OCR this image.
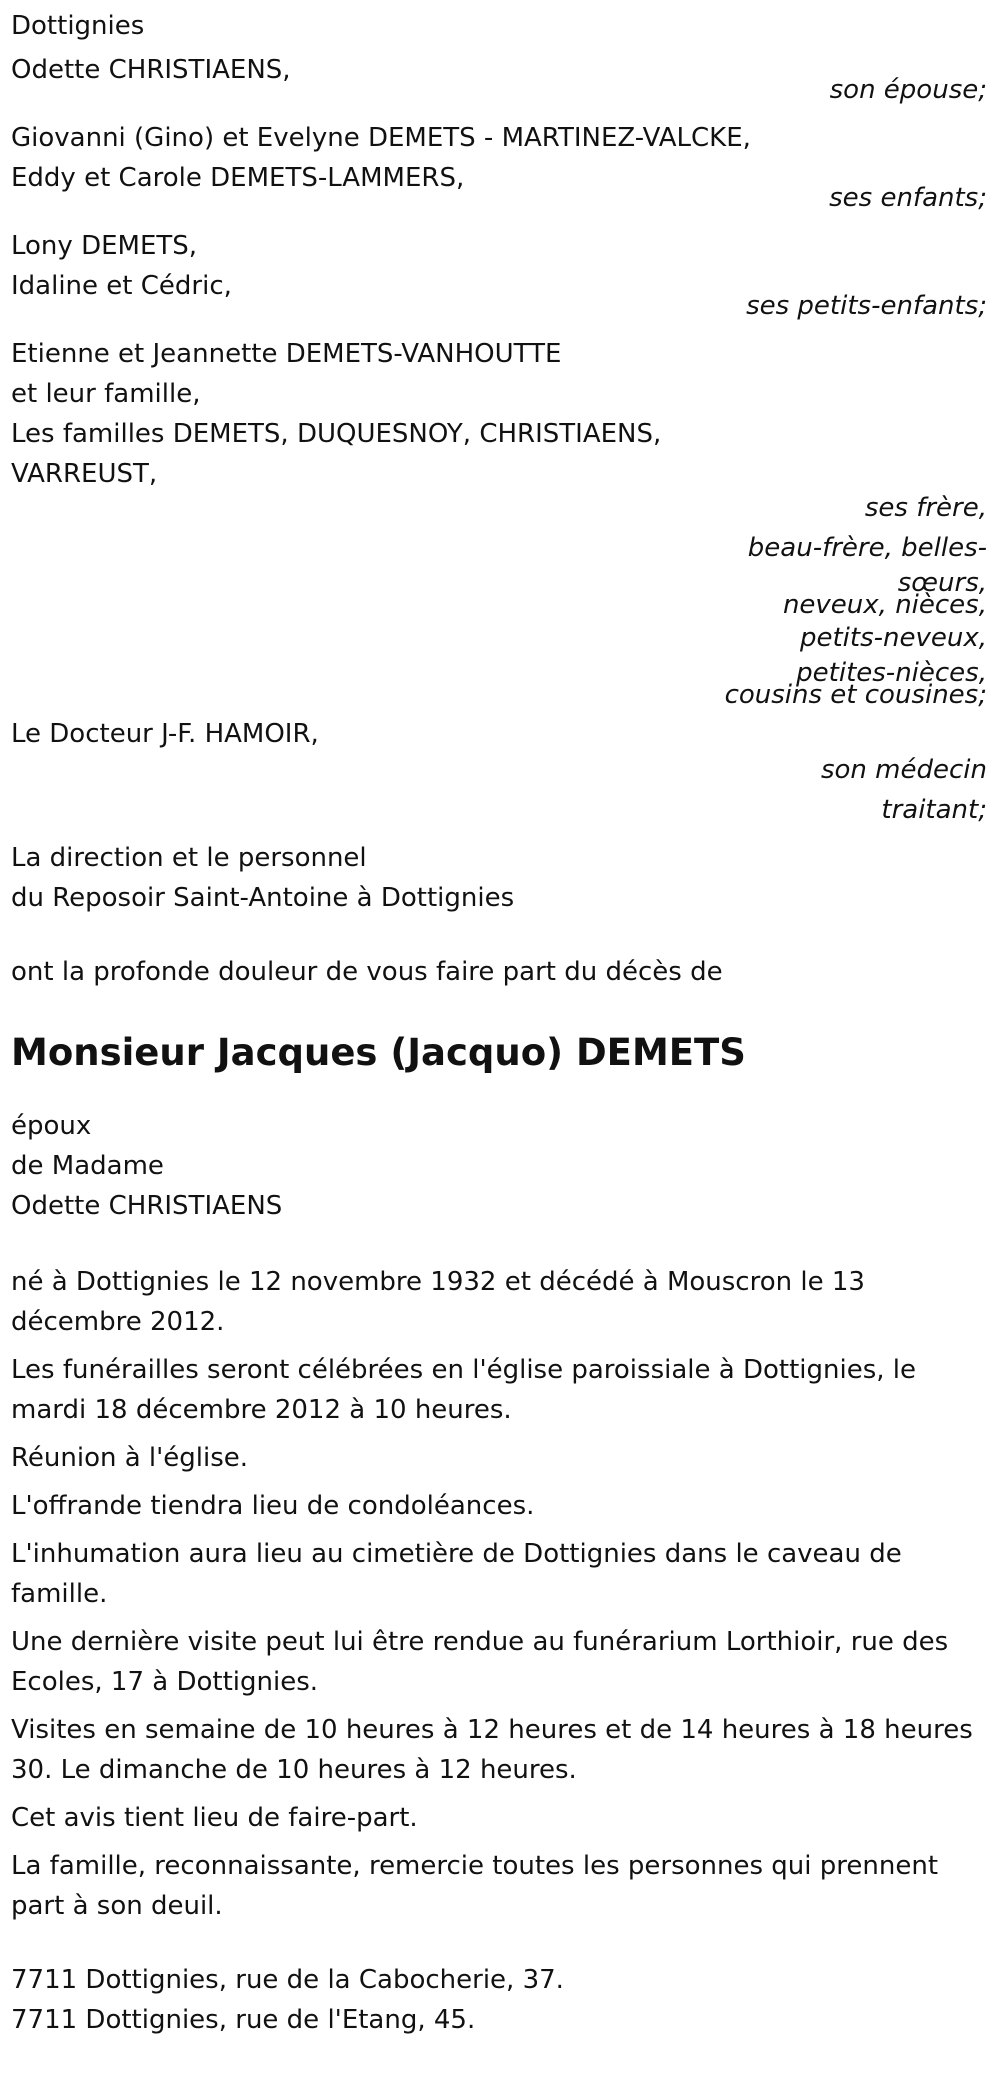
Dottignies
Odette CHRISTIAENS,
son épouse;
Giovanni (Gino) et Evelyne DEMETS - MARTINEZ-VALCKE,
Eddy et Carole DEMETS-LAMMERS,
ses enfants;
Lony DEMETS,
Idaline et Cédric,
ses petits-enfants;
Etienne et Jeannette DEMETS-VANHOUTTE
et leur famille,
Les familles DEMETS, DUQUESNOY, CHRISTIAENS,
VARREUST,
ses frère,
beau-frère, belles-
sœurs,
neveux, nièces,
petits-neveux,
petites-nièces,
cousins et cousines;
Le Docteur J-F. HAMOIR,
son médecin
traitant;
La direction et le personnel
du Reposoir Saint-Antoine à Dottignies
ont la profonde douleur de vous faire part du décès de
Monsieur Jacques (Jacquo) DEMETS
époux
de Madame
Odette CHRISTIAENS
né à Dottignies le 12 novembre 1932 et décédé à Mouscron le 13 décembre 2012.
Les funérailles seront célébrées en l'église paroissiale à Dottignies, le mardi 18 décembre 2012 à 10 heures.
Réunion à l'église.
L'offrande tiendra lieu de condoléances.
L'inhumation aura lieu au cimetière de Dottignies dans le caveau de famille.
Une dernière visite peut lui être rendue au funérarium Lorthioir, rue des Ecoles, 17 à Dottignies.
Visites en semaine de 10 heures à 12 heures et de 14 heures à 18 heures 30. Le dimanche de 10 heures à 12 heures.
Cet avis tient lieu de faire-part.
La famille, reconnaissante, remercie toutes les personnes qui prennent part à son deuil.
7711 Dottignies, rue de la Cabocherie, 37.
7711 Dottignies, rue de l'Etang, 45.
